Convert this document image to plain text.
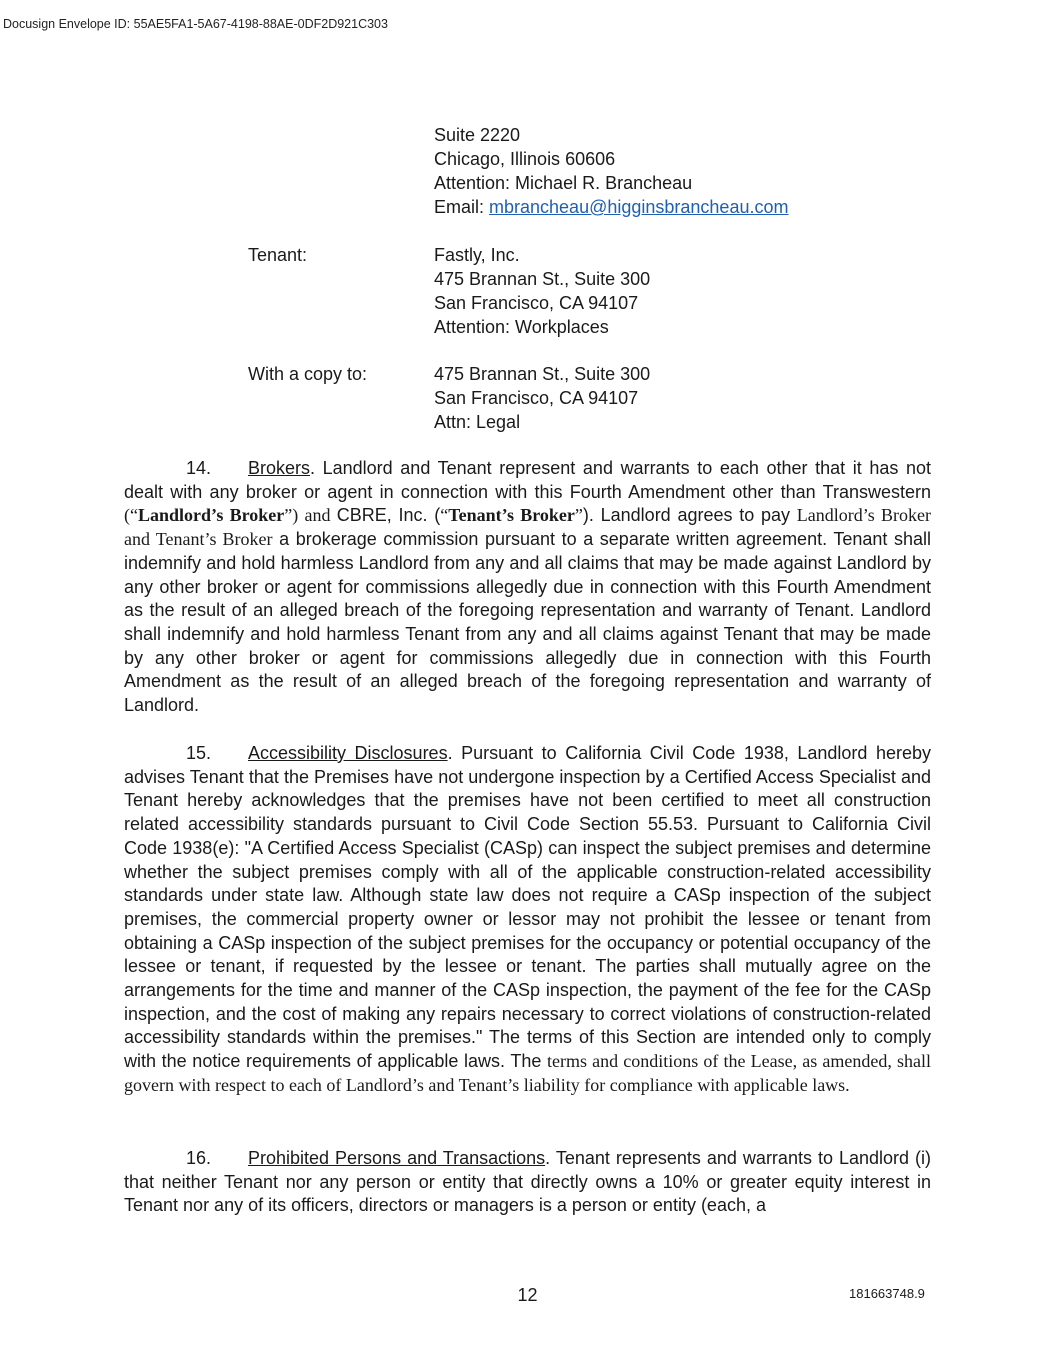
Docusign Envelope ID: 55AE5FA1-5A67-4198-88AE-0DF2D921C303
Suite 2220
Chicago, Illinois 60606
Attention: Michael R. Brancheau
Email: mbrancheau@higginsbrancheau.com
Tenant:	Fastly, Inc.
475 Brannan St., Suite 300
San Francisco, CA 94107
Attention: Workplaces
With a copy to:	475 Brannan St., Suite 300
San Francisco, CA 94107
Attn: Legal
14. Brokers. Landlord and Tenant represent and warrants to each other that it has not dealt with any broker or agent in connection with this Fourth Amendment other than Transwestern (“Landlord’s Broker”) and CBRE, Inc. (“Tenant’s Broker”). Landlord agrees to pay Landlord’s Broker and Tenant’s Broker a brokerage commission pursuant to a separate written agreement. Tenant shall indemnify and hold harmless Landlord from any and all claims that may be made against Landlord by any other broker or agent for commissions allegedly due in connection with this Fourth Amendment as the result of an alleged breach of the foregoing representation and warranty of Tenant. Landlord shall indemnify and hold harmless Tenant from any and all claims against Tenant that may be made by any other broker or agent for commissions allegedly due in connection with this Fourth Amendment as the result of an alleged breach of the foregoing representation and warranty of Landlord.
15. Accessibility Disclosures. Pursuant to California Civil Code 1938, Landlord hereby advises Tenant that the Premises have not undergone inspection by a Certified Access Specialist and Tenant hereby acknowledges that the premises have not been certified to meet all construction related accessibility standards pursuant to Civil Code Section 55.53. Pursuant to California Civil Code 1938(e): "A Certified Access Specialist (CASp) can inspect the subject premises and determine whether the subject premises comply with all of the applicable construction-related accessibility standards under state law. Although state law does not require a CASp inspection of the subject premises, the commercial property owner or lessor may not prohibit the lessee or tenant from obtaining a CASp inspection of the subject premises for the occupancy or potential occupancy of the lessee or tenant, if requested by the lessee or tenant. The parties shall mutually agree on the arrangements for the time and manner of the CASp inspection, the payment of the fee for the CASp inspection, and the cost of making any repairs necessary to correct violations of construction-related accessibility standards within the premises." The terms of this Section are intended only to comply with the notice requirements of applicable laws. The terms and conditions of the Lease, as amended, shall govern with respect to each of Landlord’s and Tenant’s liability for compliance with applicable laws.
16. Prohibited Persons and Transactions. Tenant represents and warrants to Landlord (i) that neither Tenant nor any person or entity that directly owns a 10% or greater equity interest in Tenant nor any of its officers, directors or managers is a person or entity (each, a
12	181663748.9
